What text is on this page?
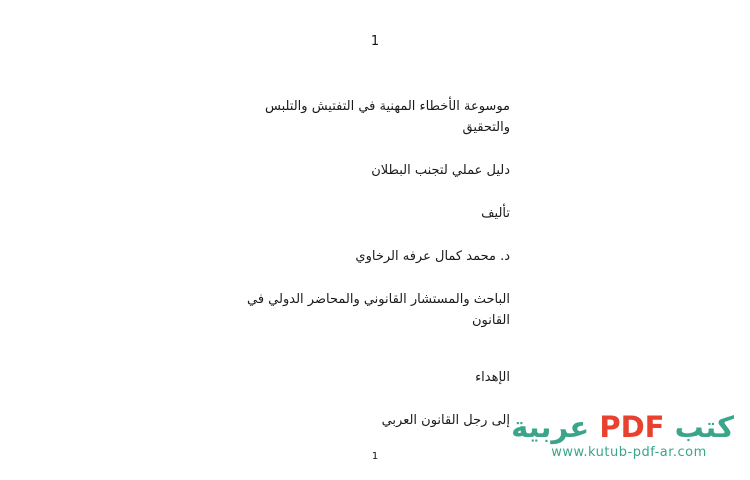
1

موسوعة الأخطاء المهنية في التفتيش والتلبس والتحقيق

دليل عملي لتجنب البطلان

تأليف

د. محمد كمال عرفه الرخاوي

الباحث والمستشار القانوني والمحاضر الدولي في القانون

الإهداء

إلى رجل القانون العربي

1
كتب PDF عربية
www.kutub-pdf-ar.com
